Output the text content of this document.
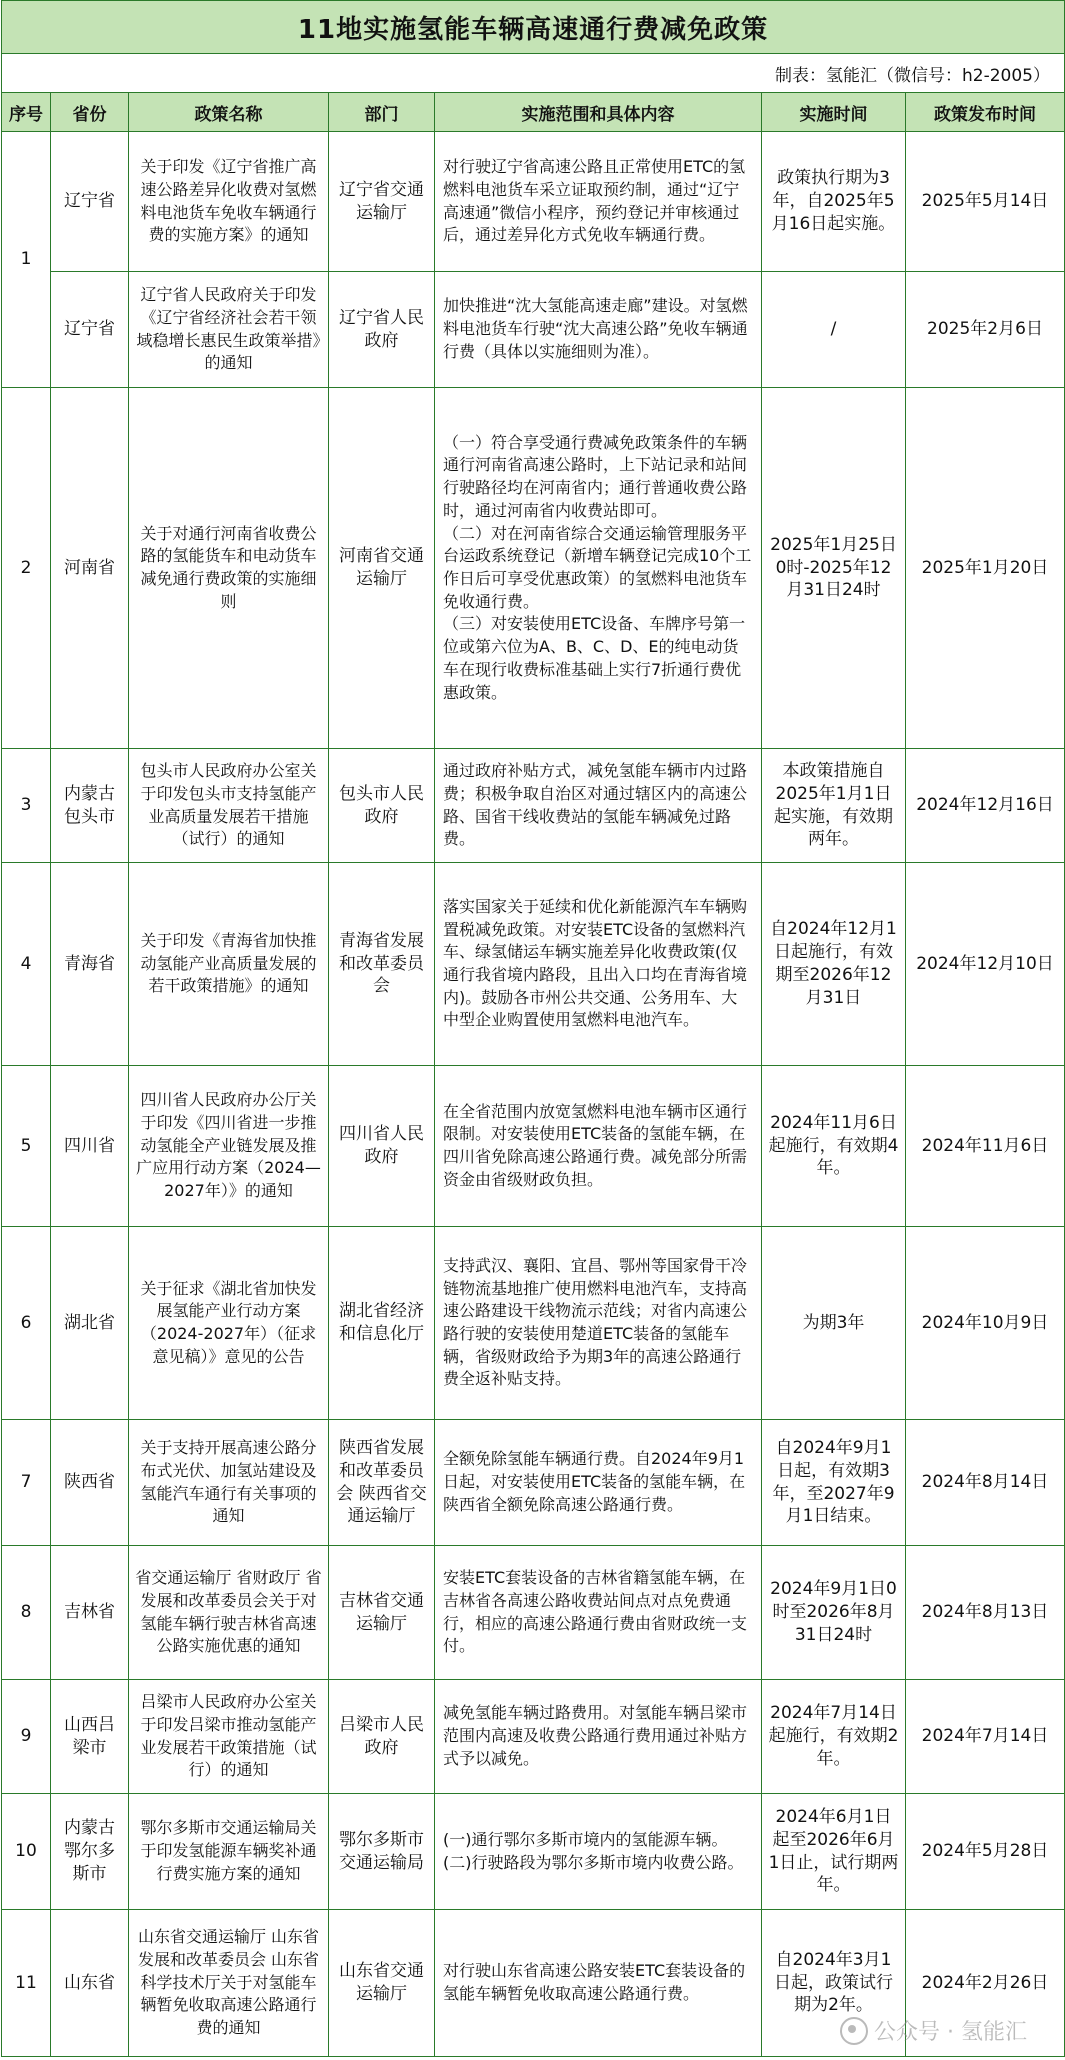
11地实施氢能车辆高速通行费减免政策						
制表：氢能汇（微信号：h2-2005）						
序号	省份	政策名称	部门	实施范围和具体内容	实施时间	政策发布时间
1	辽宁省	关于印发《辽宁省推广高速公路差异化收费对氢燃料电池货车免收车辆通行费的实施方案》的通知	辽宁省交通运输厅	对行驶辽宁省高速公路且正常使用ETC的氢燃料电池货车采立证取预约制，通过“辽宁高速通”微信小程序，预约登记并审核通过后，通过差异化方式免收车辆通行费。	政策执行期为3年，自2025年5月16日起实施。	2025年5月14日
	辽宁省	辽宁省人民政府关于印发《辽宁省经济社会若干领域稳增长惠民生政策举措》的通知	辽宁省人民政府	加快推进“沈大氢能高速走廊”建设。对氢燃料电池货车行驶“沈大高速公路”免收车辆通行费（具体以实施细则为准）。	/	2025年2月6日
2	河南省	关于对通行河南省收费公路的氢能货车和电动货车减免通行费政策的实施细则	河南省交通运输厅	（一）符合享受通行费减免政策条件的车辆通行河南省高速公路时，上下站记录和站间行驶路径均在河南省内；通行普通收费公路时，通过河南省内收费站即可。
（二）对在河南省综合交通运输管理服务平台运政系统登记（新增车辆登记完成10个工作日后可享受优惠政策）的氢燃料电池货车免收通行费。
（三）对安装使用ETC设备、车牌序号第一位或第六位为A、B、C、D、E的纯电动货车在现行收费标准基础上实行7折通行费优惠政策。	2025年1月25日0时-2025年12月31日24时	2025年1月20日
3	内蒙古包头市	包头市人民政府办公室关于印发包头市支持氢能产业高质量发展若干措施（试行）的通知	包头市人民政府	通过政府补贴方式，减免氢能车辆市内过路费；积极争取自治区对通过辖区内的高速公路、国省干线收费站的氢能车辆减免过路费。	本政策措施自2025年1月1日起实施，有效期两年。	2024年12月16日
4	青海省	关于印发《青海省加快推动氢能产业高质量发展的若干政策措施》的通知	青海省发展和改革委员会	落实国家关于延续和优化新能源汽车车辆购置税减免政策。对安装ETC设备的氢燃料汽车、绿氢储运车辆实施差异化收费政策(仅通行我省境内路段，且出入口均在青海省境内)。鼓励各市州公共交通、公务用车、大中型企业购置使用氢燃料电池汽车。	自2024年12月1日起施行，有效期至2026年12月31日	2024年12月10日
5	四川省	四川省人民政府办公厅关于印发《四川省进一步推动氢能全产业链发展及推广应用行动方案（2024—2027年）》的通知	四川省人民政府	在全省范围内放宽氢燃料电池车辆市区通行限制。对安装使用ETC装备的氢能车辆，在四川省免除高速公路通行费。减免部分所需资金由省级财政负担。	2024年11月6日起施行，有效期4年。	2024年11月6日
6	湖北省	关于征求《湖北省加快发展氢能产业行动方案（2024-2027年）（征求意见稿）》意见的公告	湖北省经济和信息化厅	支持武汉、襄阳、宜昌、鄂州等国家骨干冷链物流基地推广使用燃料电池汽车，支持高速公路建设干线物流示范线；对省内高速公路行驶的安装使用楚道ETC装备的氢能车辆，省级财政给予为期3年的高速公路通行费全返补贴支持。	为期3年	2024年10月9日
7	陕西省	关于支持开展高速公路分布式光伏、加氢站建设及氢能汽车通行有关事项的通知	陕西省发展和改革委员会 陕西省交通运输厅	全额免除氢能车辆通行费。自2024年9月1日起，对安装使用ETC装备的氢能车辆，在陕西省全额免除高速公路通行费。	自2024年9月1日起，有效期3年，至2027年9月1日结束。	2024年8月14日
8	吉林省	省交通运输厅 省财政厅 省发展和改革委员会关于对氢能车辆行驶吉林省高速公路实施优惠的通知	吉林省交通运输厅	安装ETC套装设备的吉林省籍氢能车辆，在吉林省各高速公路收费站间点对点免费通行，相应的高速公路通行费由省财政统一支付。	2024年9月1日0时至2026年8月31日24时	2024年8月13日
9	山西吕梁市	吕梁市人民政府办公室关于印发吕梁市推动氢能产业发展若干政策措施（试行）的通知	吕梁市人民政府	减免氢能车辆过路费用。对氢能车辆吕梁市范围内高速及收费公路通行费用通过补贴方式予以减免。	2024年7月14日起施行，有效期2年。	2024年7月14日
10	内蒙古鄂尔多斯市	鄂尔多斯市交通运输局关于印发氢能源车辆奖补通行费实施方案的通知	鄂尔多斯市交通运输局	(一)通行鄂尔多斯市境内的氢能源车辆。
(二)行驶路段为鄂尔多斯市境内收费公路。	2024年6月1日起至2026年6月1日止，试行期两年。	2024年5月28日
11	山东省	山东省交通运输厅 山东省发展和改革委员会 山东省科学技术厅关于对氢能车辆暂免收取高速公路通行费的通知	山东省交通运输厅	对行驶山东省高速公路安装ETC套装设备的氢能车辆暂免收取高速公路通行费。	自2024年3月1日起，政策试行期为2年。	2024年2月26日
公众号 · 氢能汇
